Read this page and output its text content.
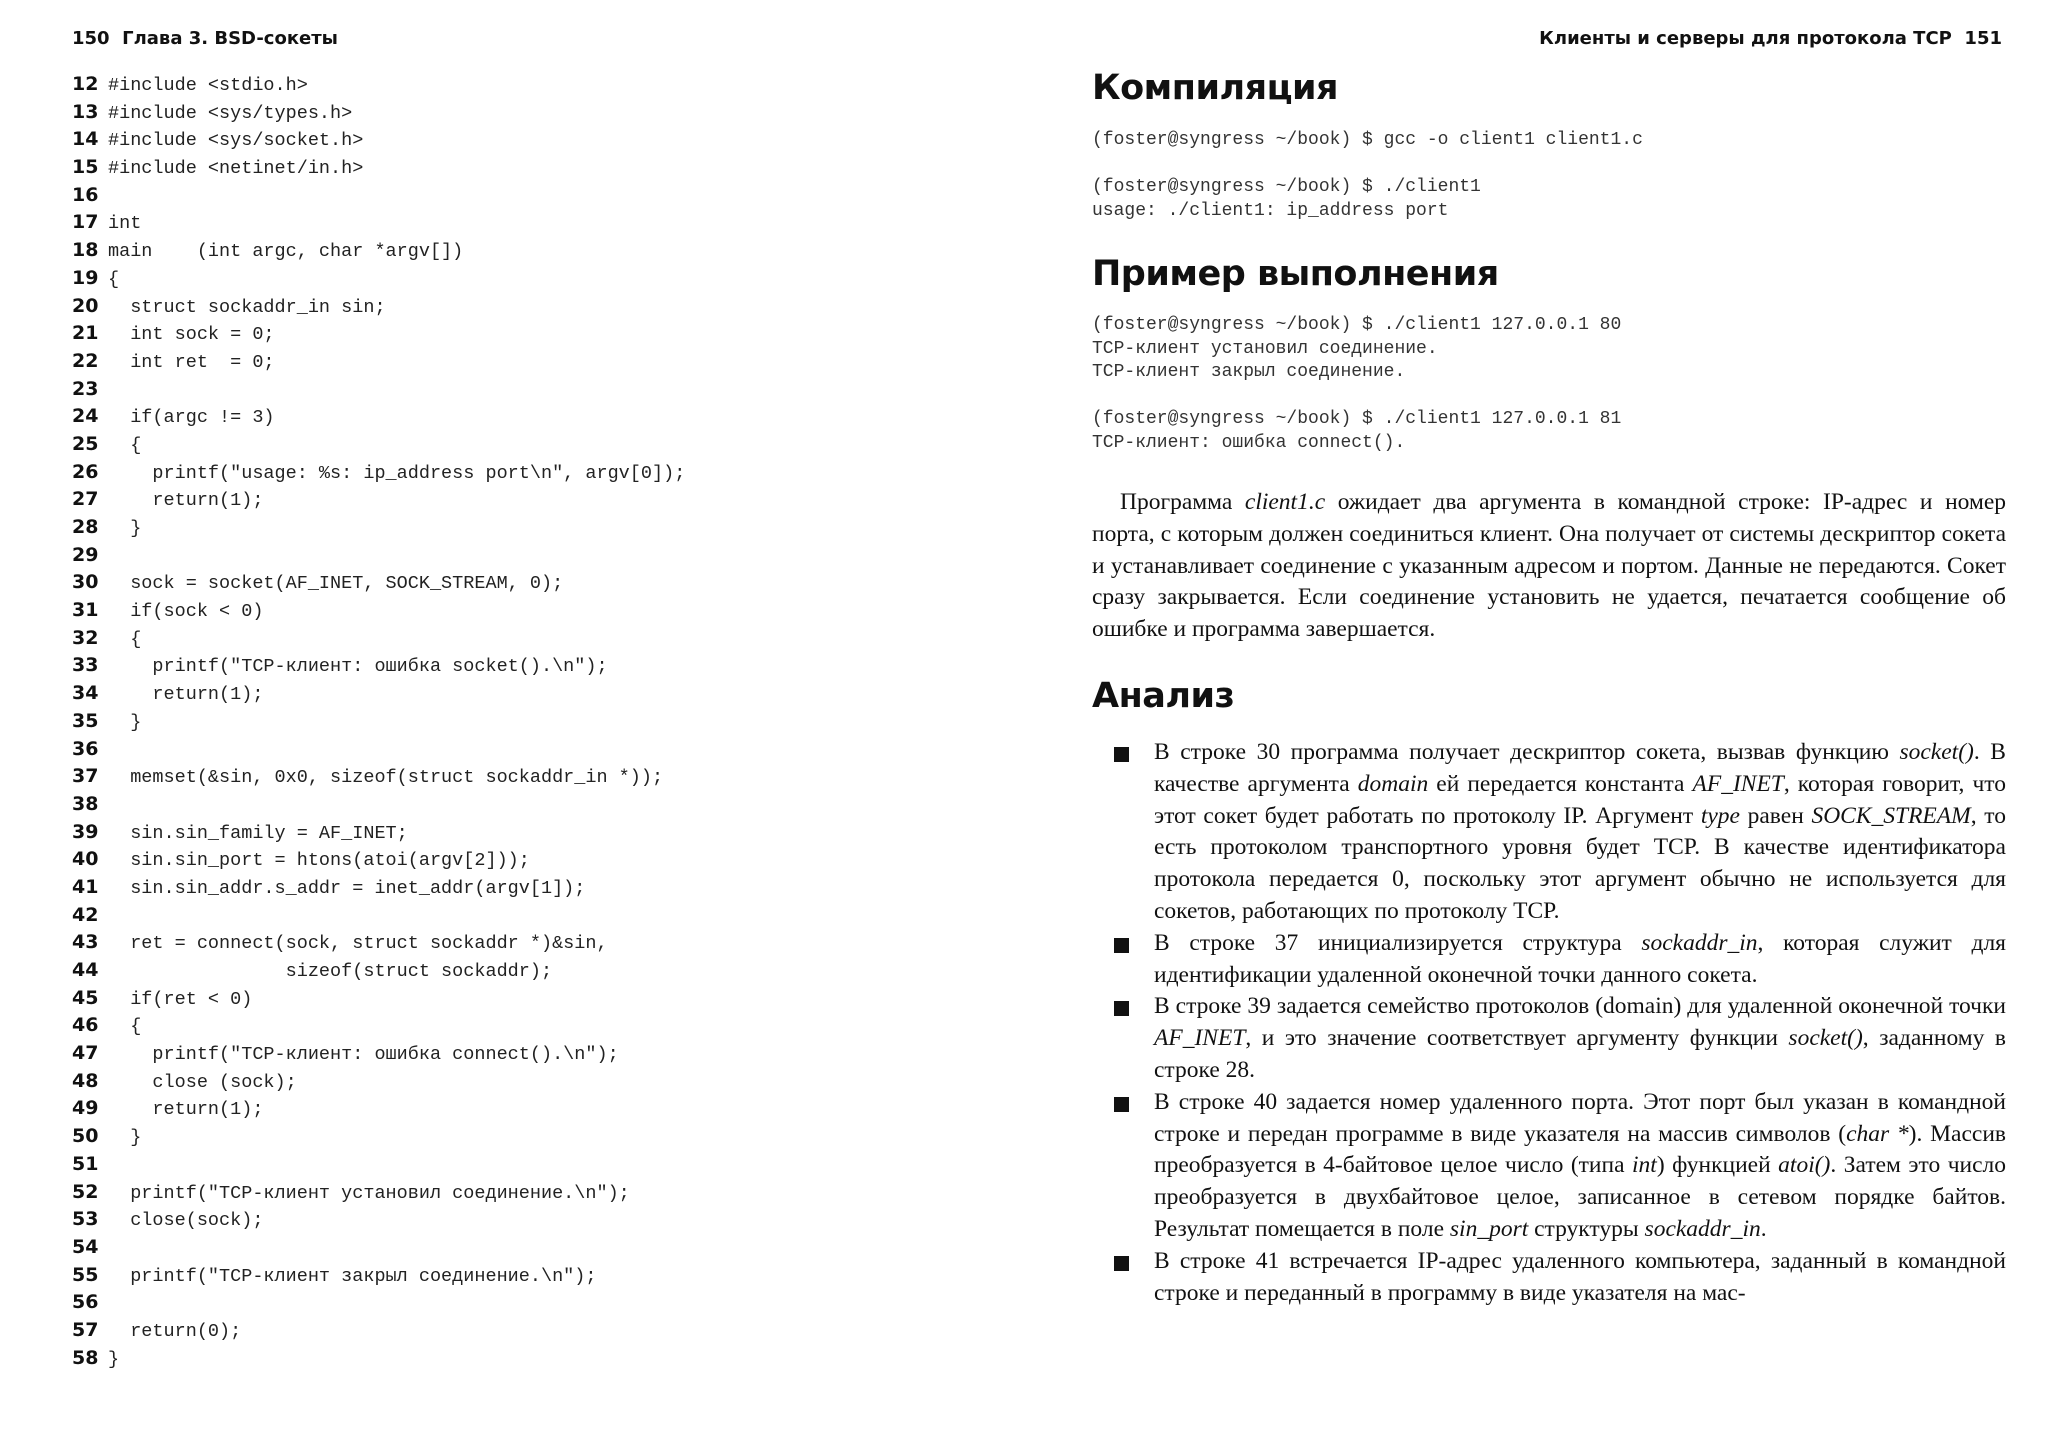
150 Глава 3. BSD-сокеты
12 #include <stdio.h>
13 #include <sys/types.h>
14 #include <sys/socket.h>
15 #include <netinet/in.h>
16
17 int
18 main    (int argc, char *argv[])
19 {
20 struct sockaddr_in sin;
21 int sock = 0;
22 int ret  = 0;
23
24 if(argc != 3)
25 {
26 printf("usage: %s: ip_address port\n", argv[0]);
27 return(1);
28 }
29
30 sock = socket(AF_INET, SOCK_STREAM, 0);
31 if(sock < 0)
32 {
33 printf("TCP-клиент: ошибка socket().\n");
34 return(1);
35 }
36
37 memset(&sin, 0x0, sizeof(struct sockaddr_in *));
38
39 sin.sin_family = AF_INET;
40 sin.sin_port = htons(atoi(argv[2]));
41 sin.sin_addr.s_addr = inet_addr(argv[1]);
42
43 ret = connect(sock, struct sockaddr *)&sin,
44 sizeof(struct sockaddr);
45 if(ret < 0)
46 {
47 printf("TCP-клиент: ошибка connect().\n");
48 close (sock);
49 return(1);
50 }
51
52 printf("TCP-клиент установил соединение.\n");
53 close(sock);
54
55 printf("TCP-клиент закрыл соединение.\n");
56
57 return(0);
58 }
Клиенты и серверы для протокола TCP 151
Компиляция
(foster@syngress ~/book) $ gcc -o client1 client1.c
(foster@syngress ~/book) $ ./client1
usage: ./client1: ip_address port
Пример выполнения
(foster@syngress ~/book) $ ./client1 127.0.0.1 80
TCP-клиент установил соединение.
TCP-клиент закрыл соединение.
(foster@syngress ~/book) $ ./client1 127.0.0.1 81
TCP-клиент: ошибка connect().

Программа client1.c ожидает два аргумента в командной строке: IP-адрес и номер порта, с которым должен соединиться клиент. Она получает от системы дескриптор сокета и устанавливает соединение с указанным адресом и портом. Данные не передаются. Сокет сразу закрывается. Если соединение установить не удается, печатается сообщение об ошибке и программа завершается.

Анализ
В строке 30 программа получает дескриптор сокета, вызвав функцию socket(). В качестве аргумента domain ей передается константа AF_INET, которая говорит, что этот сокет будет работать по протоколу IP. Аргумент type равен SOCK_STREAM, то есть протоколом транспортного уровня будет TCP. В качестве идентификатора протокола передается 0, поскольку этот аргумент обычно не используется для сокетов, работающих по протоколу TCP.
В строке 37 инициализируется структура sockaddr_in, которая служит для идентификации удаленной оконечной точки данного сокета.
В строке 39 задается семейство протоколов (domain) для удаленной оконечной точки AF_INET, и это значение соответствует аргументу функции socket(), заданному в строке 28.
В строке 40 задается номер удаленного порта. Этот порт был указан в командной строке и передан программе в виде указателя на массив символов (char *). Массив преобразуется в 4-байтовое целое число (типа int) функцией atoi(). Затем это число преобразуется в двухбайтовое целое, записанное в сетевом порядке байтов. Результат помещается в поле sin_port структуры sockaddr_in.
В строке 41 встречается IP-адрес удаленного компьютера, заданный в командной строке и переданный в программу в виде указателя на мас-
